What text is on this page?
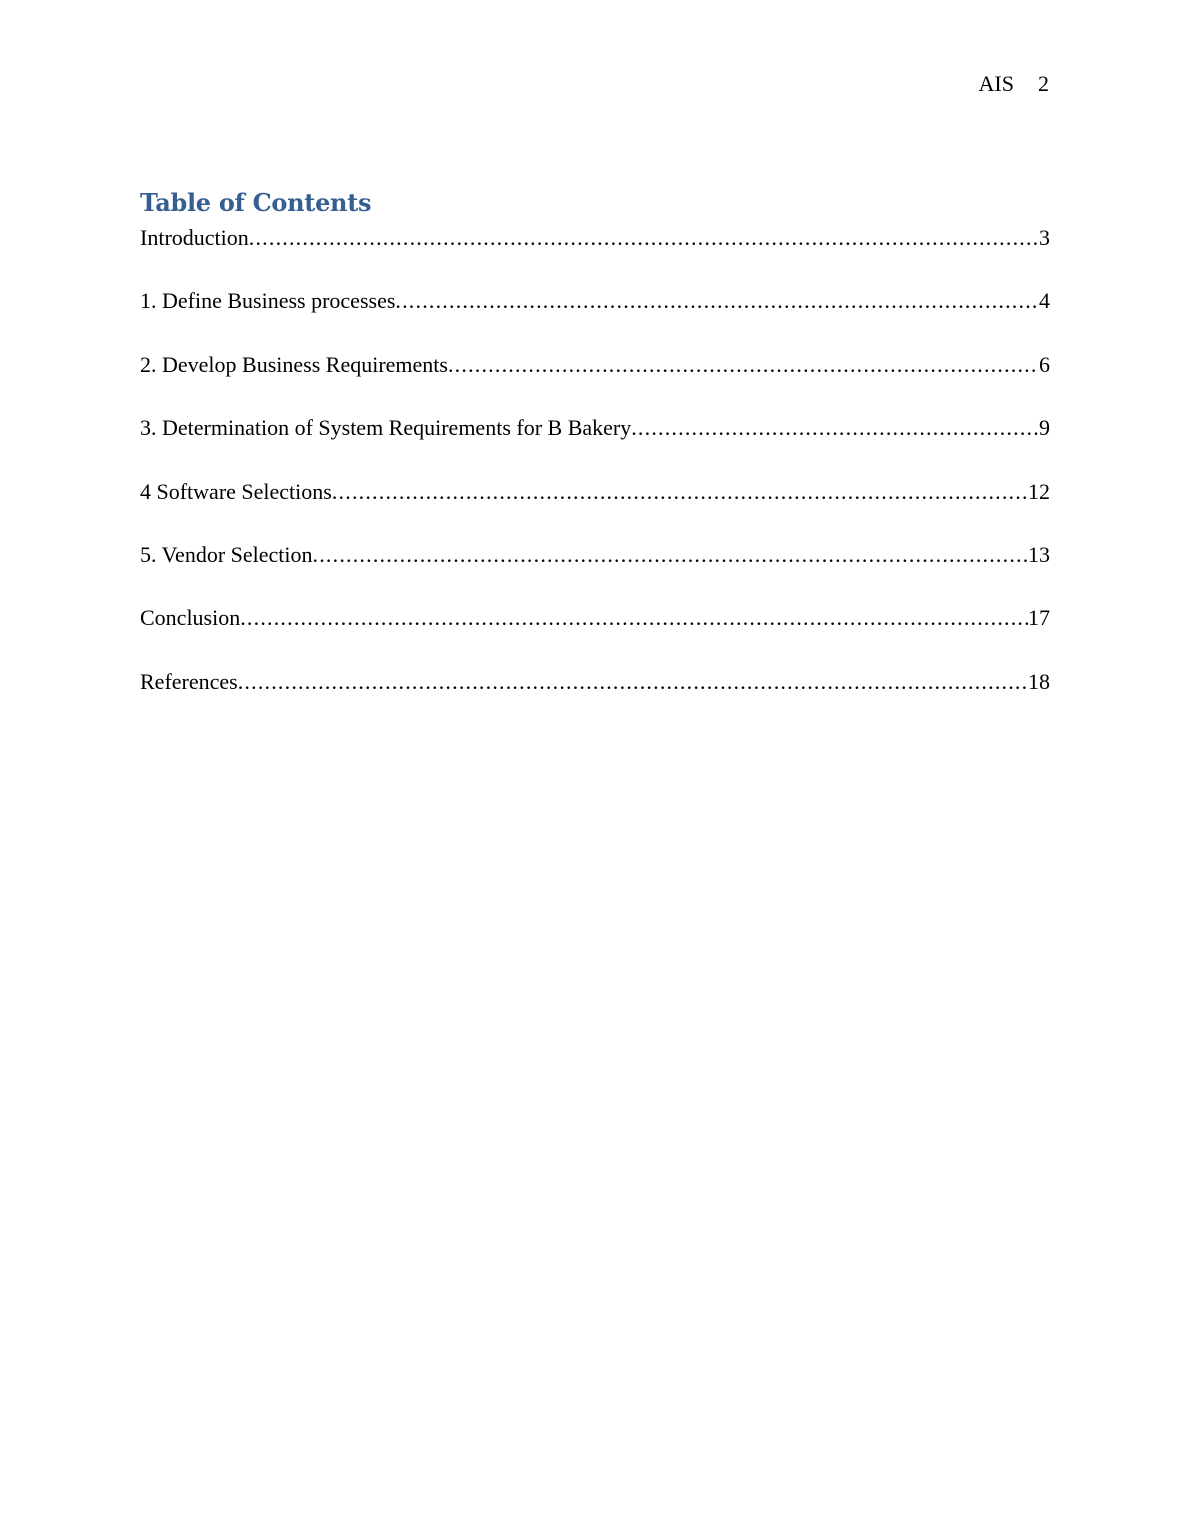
AIS 2
Table of Contents
Introduction .....	3
1. Define Business processes .....	4
2. Develop Business Requirements .....	6
3. Determination of System Requirements for B Bakery .....	9
4 Software Selections .....	12
5. Vendor Selection .....	13
Conclusion .....	17
References .....	18
